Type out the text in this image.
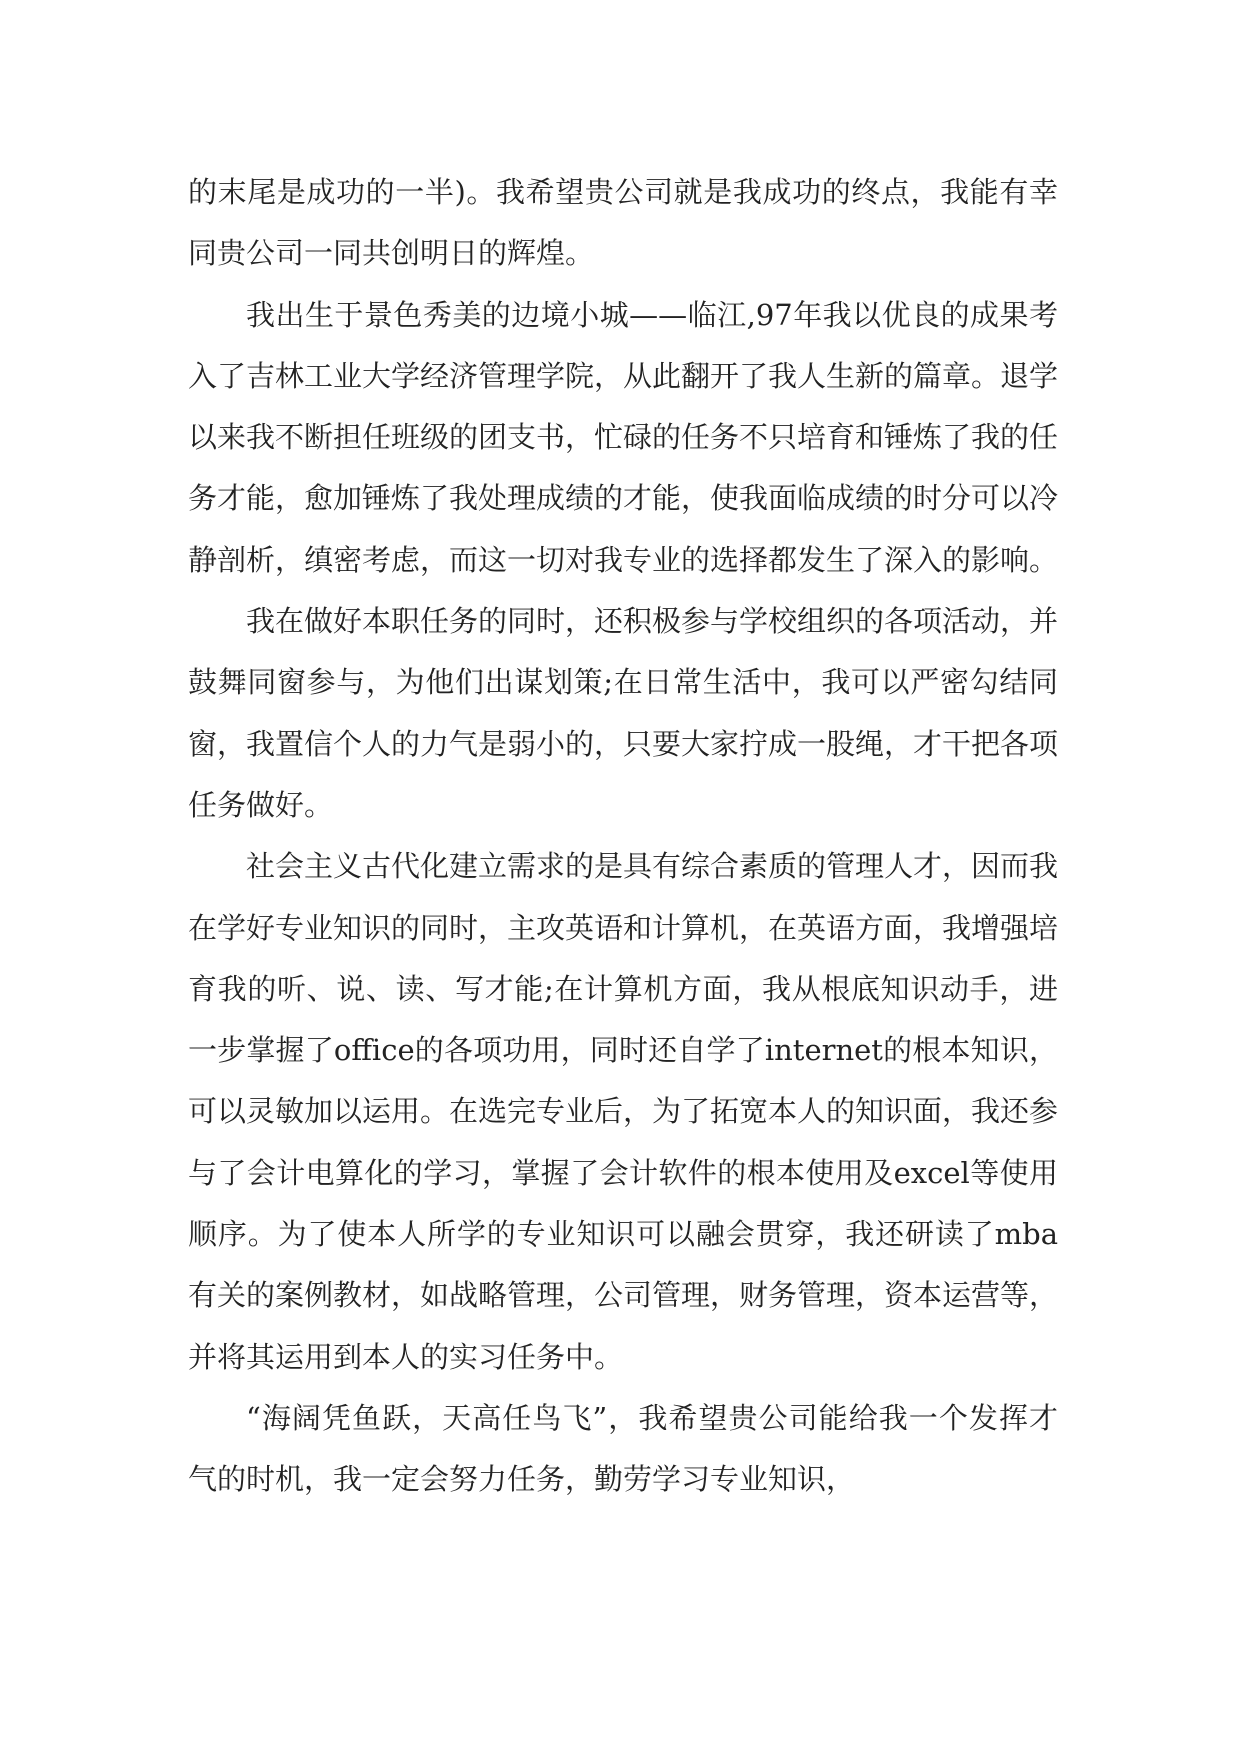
的末尾是成功的一半)。我希望贵公司就是我成功的终点，我能有幸同贵公司一同共创明日的辉煌。

我出生于景色秀美的边境小城——临江,97年我以优良的成果考入了吉林工业大学经济管理学院，从此翻开了我人生新的篇章。退学以来我不断担任班级的团支书，忙碌的任务不只培育和锤炼了我的任务才能，愈加锤炼了我处理成绩的才能，使我面临成绩的时分可以冷静剖析，缜密考虑，而这一切对我专业的选择都发生了深入的影响。

我在做好本职任务的同时，还积极参与学校组织的各项活动，并鼓舞同窗参与，为他们出谋划策;在日常生活中，我可以严密勾结同窗，我置信个人的力气是弱小的，只要大家拧成一股绳，才干把各项任务做好。

社会主义古代化建立需求的是具有综合素质的管理人才，因而我在学好专业知识的同时，主攻英语和计算机，在英语方面，我增强培育我的听、说、读、写才能;在计算机方面，我从根底知识动手，进一步掌握了office的各项功用，同时还自学了internet的根本知识，可以灵敏加以运用。在选完专业后，为了拓宽本人的知识面，我还参与了会计电算化的学习，掌握了会计软件的根本使用及excel等使用顺序。为了使本人所学的专业知识可以融会贯穿，我还研读了mba有关的案例教材，如战略管理，公司管理，财务管理，资本运营等，并将其运用到本人的实习任务中。

“海阔凭鱼跃，天高任鸟飞”，我希望贵公司能给我一个发挥才气的时机，我一定会努力任务，勤劳学习专业知识，
